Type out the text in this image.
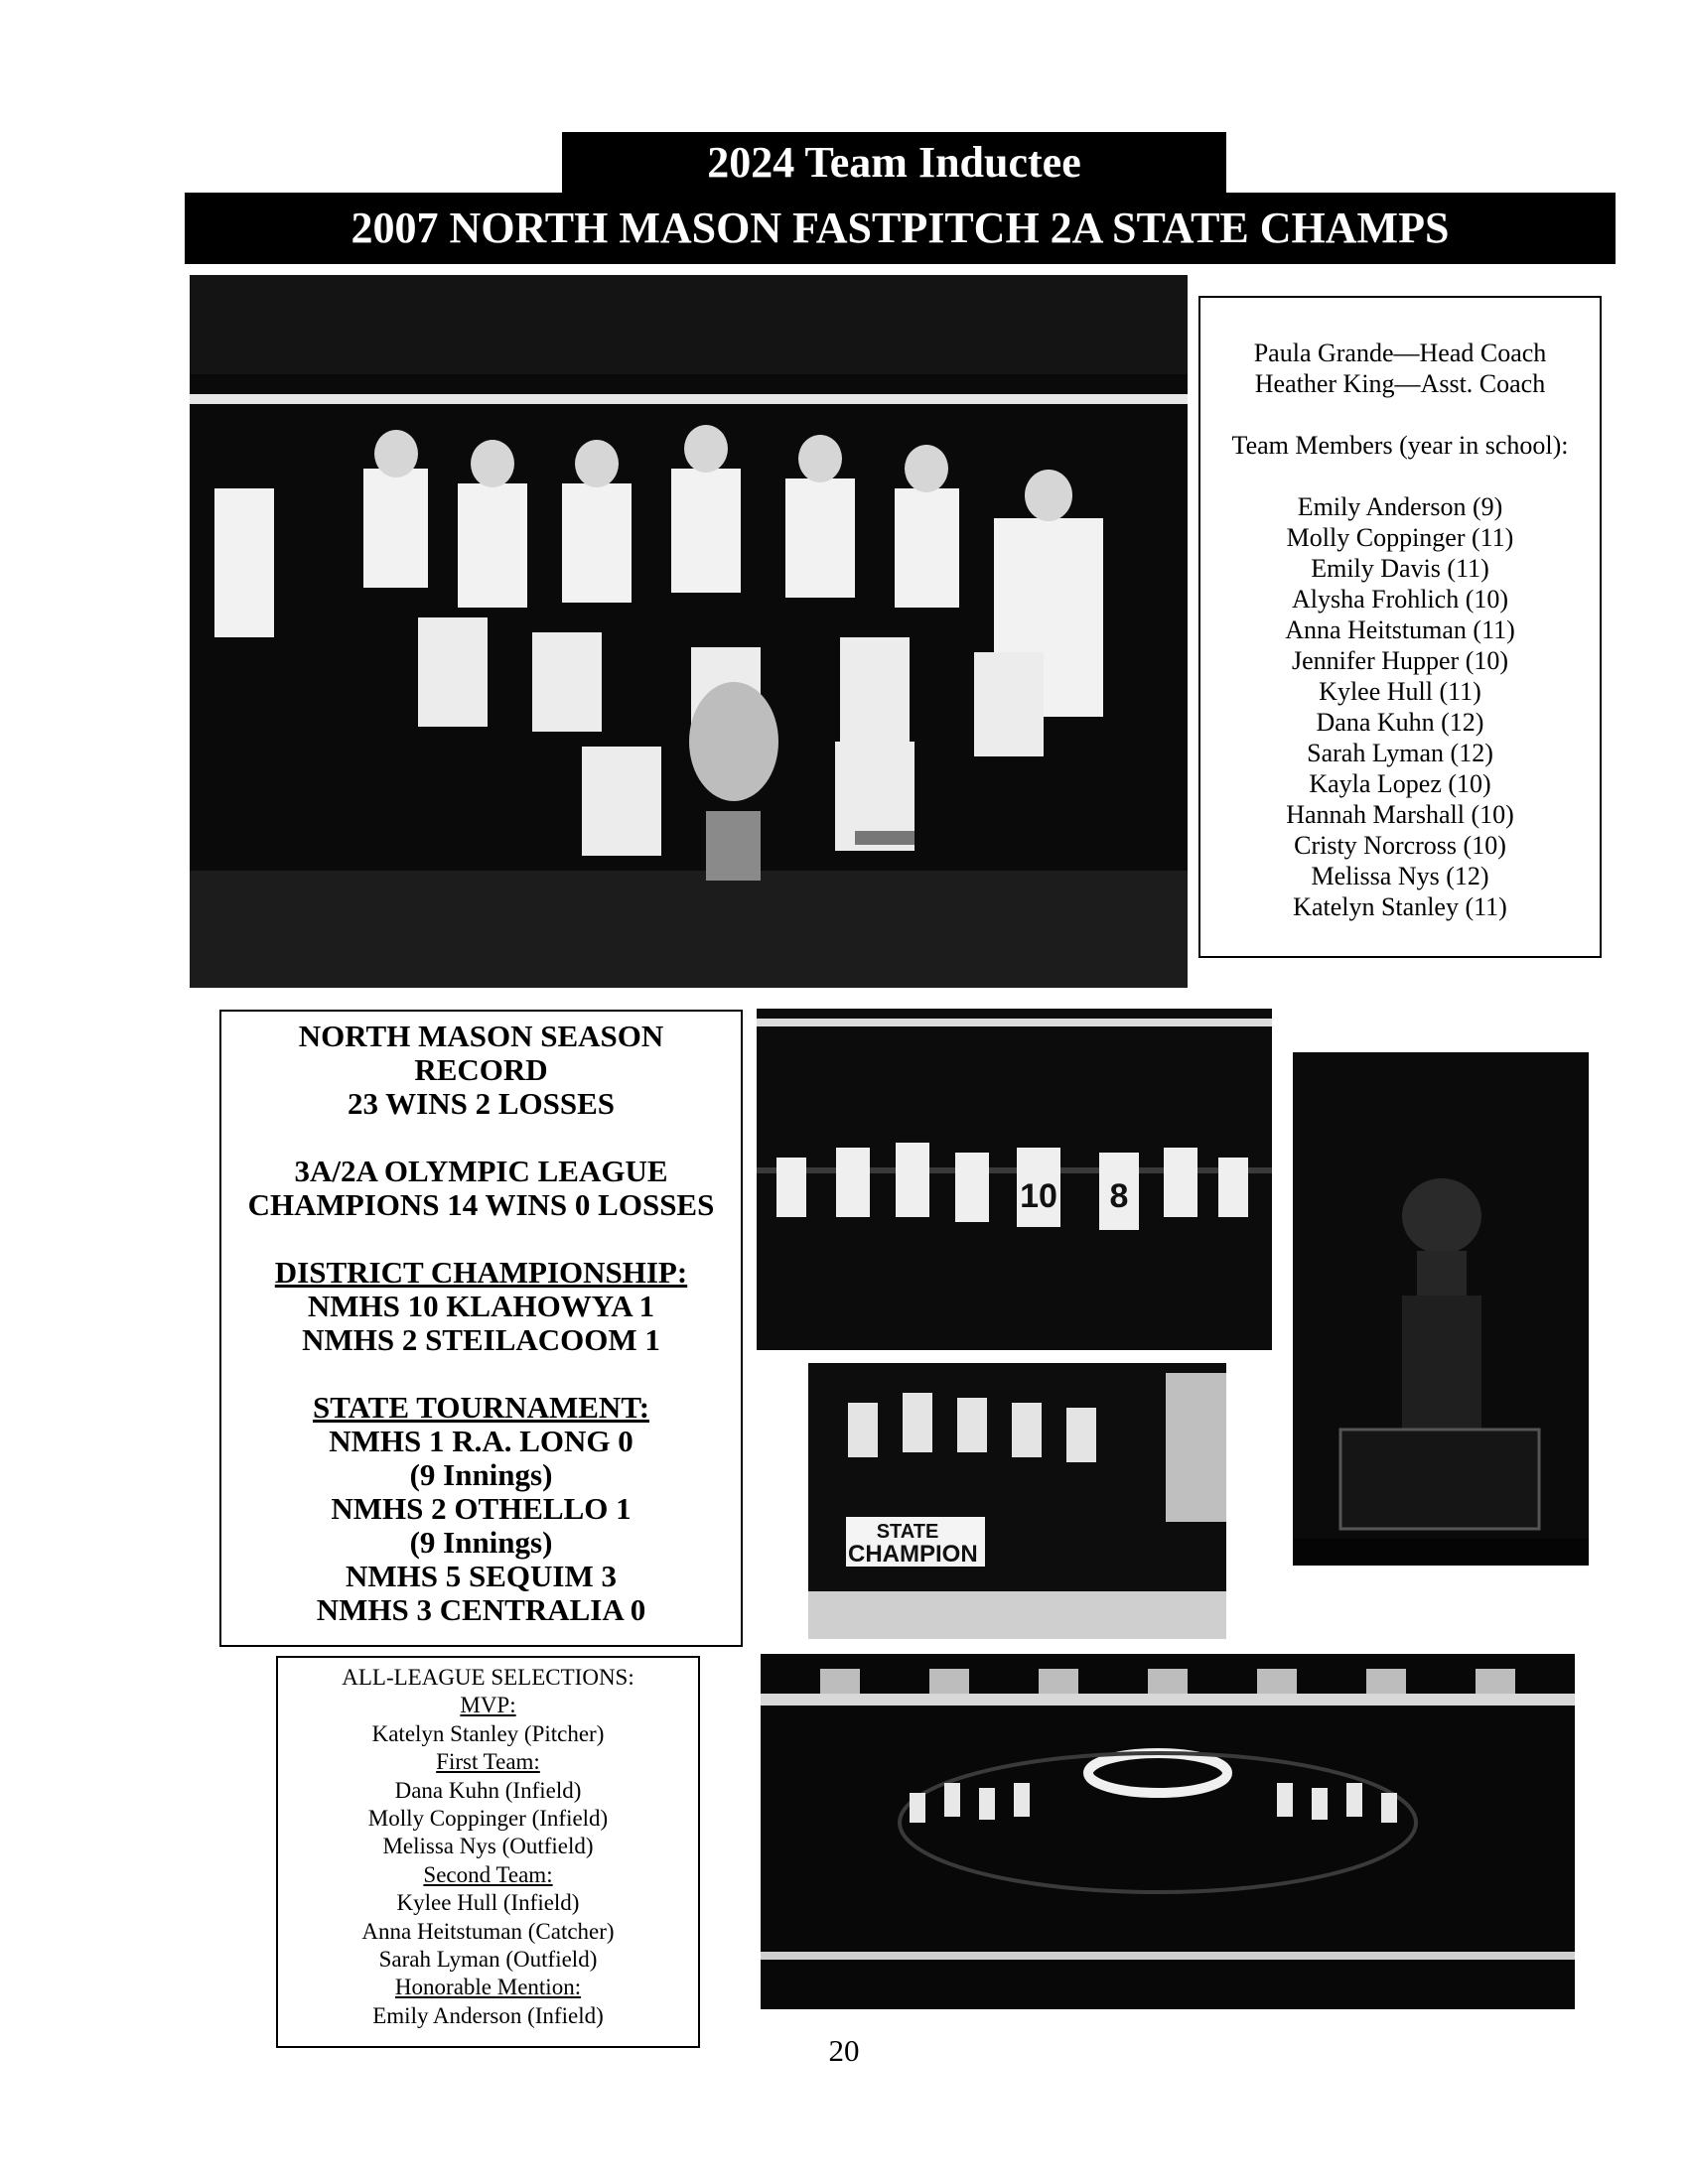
2024 Team Inductee
2007 NORTH MASON FASTPITCH 2A STATE CHAMPS
Paula Grande—Head Coach
Heather King—Asst. Coach
Team Members (year in school):
Emily Anderson (9)
Molly Coppinger (11)
Emily Davis (11)
Alysha Frohlich (10)
Anna Heitstuman (11)
Jennifer Hupper (10)
Kylee Hull (11)
Dana Kuhn (12)
Sarah Lyman (12)
Kayla Lopez (10)
Hannah Marshall (10)
Cristy Norcross (10)
Melissa Nys (12)
Katelyn Stanley (11)
NORTH MASON SEASON
RECORD
23 WINS 2 LOSSES
3A/2A OLYMPIC LEAGUE
CHAMPIONS 14 WINS 0 LOSSES
DISTRICT CHAMPIONSHIP:
NMHS 10 KLAHOWYA 1
NMHS 2 STEILACOOM 1
STATE TOURNAMENT:
NMHS 1 R.A. LONG 0
(9 Innings)
NMHS 2 OTHELLO 1
(9 Innings)
NMHS 5 SEQUIM 3
NMHS 3 CENTRALIA 0
10 8
STATE
CHAMPION
ALL-LEAGUE SELECTIONS:
MVP:
Katelyn Stanley (Pitcher)
First Team:
Dana Kuhn (Infield)
Molly Coppinger (Infield)
Melissa Nys (Outfield)
Second Team:
Kylee Hull (Infield)
Anna Heitstuman (Catcher)
Sarah Lyman (Outfield)
Honorable Mention:
Emily Anderson (Infield)
20
